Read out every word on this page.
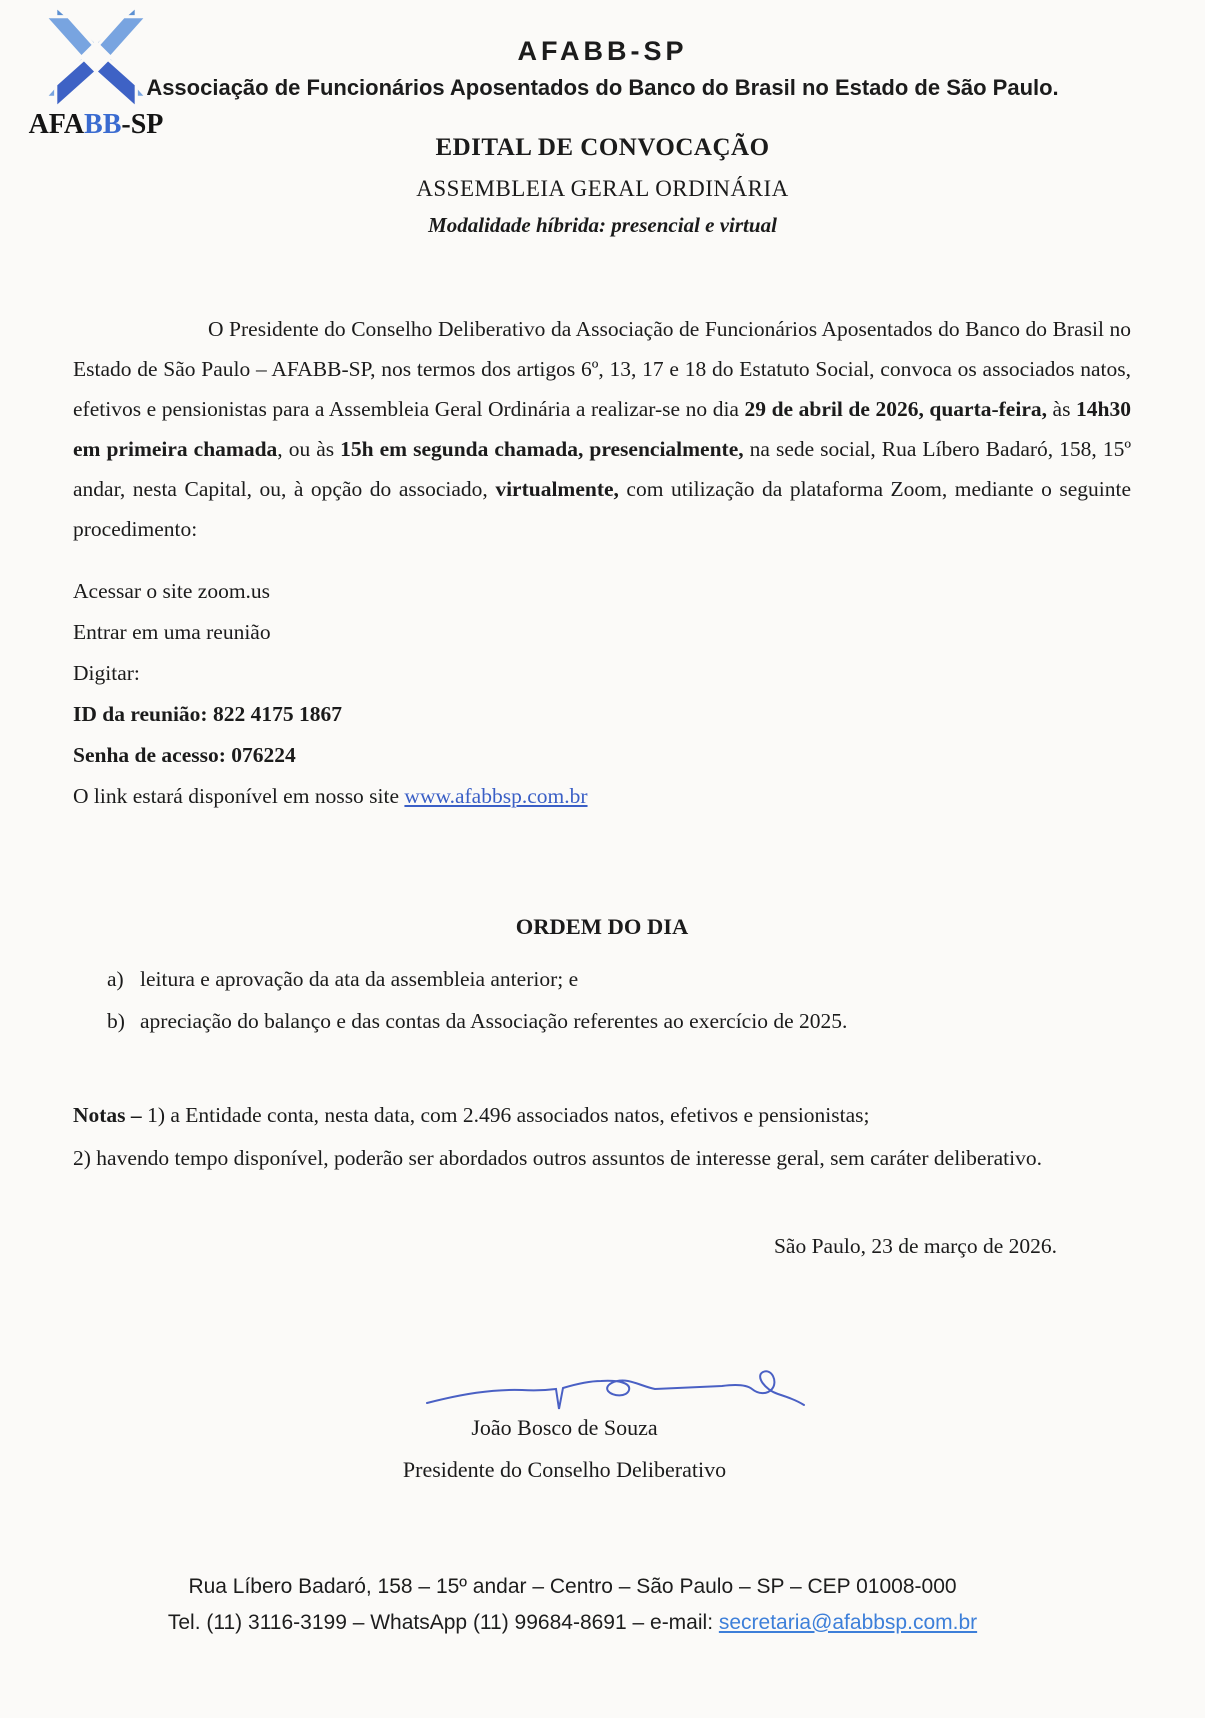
AFABB-SP
AFABB-SP
Associação de Funcionários Aposentados do Banco do Brasil no Estado de São Paulo.
EDITAL DE CONVOCAÇÃO
ASSEMBLEIA GERAL ORDINÁRIA
Modalidade híbrida: presencial e virtual

O Presidente do Conselho Deliberativo da Associação de Funcionários Aposentados do Banco do Brasil no Estado de São Paulo – AFABB-SP, nos termos dos artigos 6º, 13, 17 e 18 do Estatuto Social, convoca os associados natos, efetivos e pensionistas para a Assembleia Geral Ordinária a realizar-se no dia 29 de abril de 2026, quarta-feira, às 14h30 em primeira chamada, ou às 15h em segunda chamada, presencialmente, na sede social, Rua Líbero Badaró, 158, 15º andar, nesta Capital, ou, à opção do associado, virtualmente, com utilização da plataforma Zoom, mediante o seguinte procedimento:

Acessar o site zoom.us
Entrar em uma reunião
Digitar:
ID da reunião: 822 4175 1867
Senha de acesso: 076224
O link estará disponível em nosso site www.afabbsp.com.br
ORDEM DO DIA
a) leitura e aprovação da ata da assembleia anterior; e
b) apreciação do balanço e das contas da Associação referentes ao exercício de 2025.
Notas – 1) a Entidade conta, nesta data, com 2.496 associados natos, efetivos e pensionistas;
2) havendo tempo disponível, poderão ser abordados outros assuntos de interesse geral, sem caráter deliberativo.
São Paulo, 23 de março de 2026.
João Bosco de Souza
Presidente do Conselho Deliberativo
Rua Líbero Badaró, 158 – 15º andar – Centro – São Paulo – SP – CEP 01008-000
Tel. (11) 3116-3199 – WhatsApp (11) 99684-8691 – e-mail: secretaria@afabbsp.com.br
